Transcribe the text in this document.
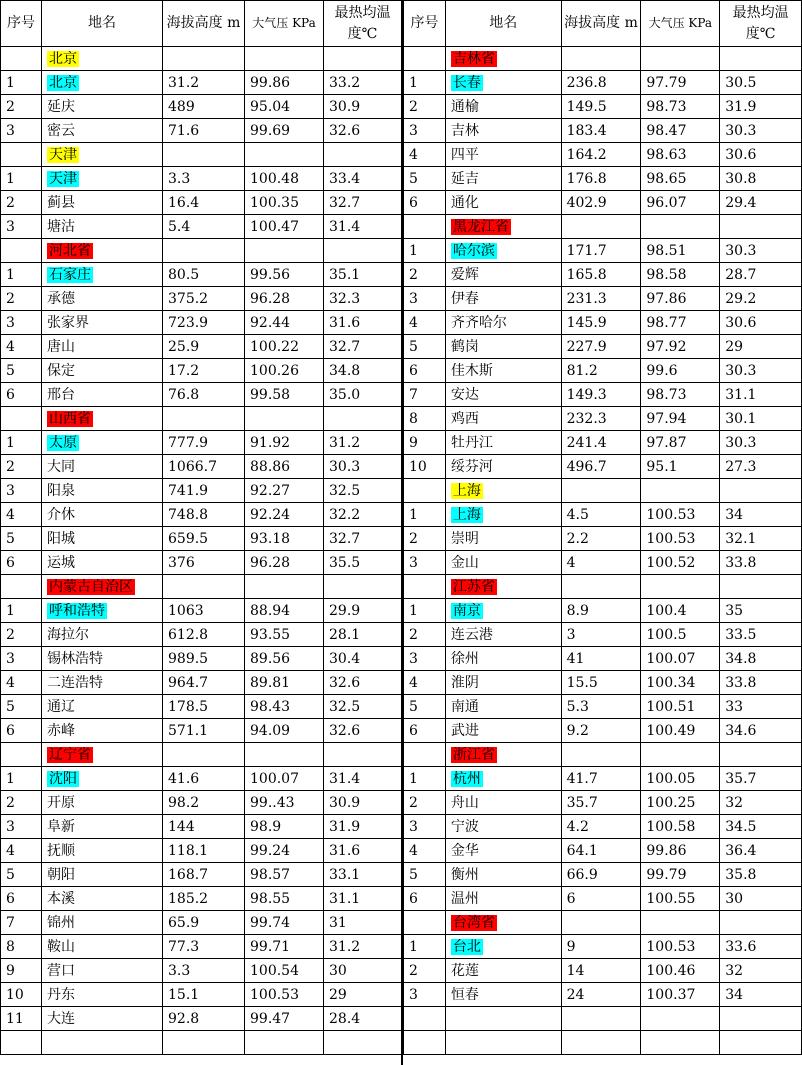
序号	地名	海拔高度 m	大气压 KPa	最热均温度℃
	北京			
1	北京	31.2	99.86	33.2
2	延庆	489	95.04	30.9
3	密云	71.6	99.69	32.6
	天津			
1	天津	3.3	100.48	33.4
2	蓟县	16.4	100.35	32.7
3	塘沽	5.4	100.47	31.4
	河北省			
1	石家庄	80.5	99.56	35.1
2	承德	375.2	96.28	32.3
3	张家界	723.9	92.44	31.6
4	唐山	25.9	100.22	32.7
5	保定	17.2	100.26	34.8
6	邢台	76.8	99.58	35.0
	山西省			
1	太原	777.9	91.92	31.2
2	大同	1066.7	88.86	30.3
3	阳泉	741.9	92.27	32.5
4	介休	748.8	92.24	32.2
5	阳城	659.5	93.18	32.7
6	运城	376	96.28	35.5
	内蒙古自治区			
1	呼和浩特	1063	88.94	29.9
2	海拉尔	612.8	93.55	28.1
3	锡林浩特	989.5	89.56	30.4
4	二连浩特	964.7	89.81	32.6
5	通辽	178.5	98.43	32.5
6	赤峰	571.1	94.09	32.6
	辽宁省			
1	沈阳	41.6	100.07	31.4
2	开原	98.2	99..43	30.9
3	阜新	144	98.9	31.9
4	抚顺	118.1	99.24	31.6
5	朝阳	168.7	98.57	33.1
6	本溪	185.2	98.55	31.1
7	锦州	65.9	99.74	31
8	鞍山	77.3	99.71	31.2
9	营口	3.3	100.54	30
10	丹东	15.1	100.53	29
11	大连	92.8	99.47	28.4

序号	地名	海拔高度 m	大气压 KPa	最热均温度℃
	吉林省			
1	长春	236.8	97.79	30.5
2	通榆	149.5	98.73	31.9
3	吉林	183.4	98.47	30.3
4	四平	164.2	98.63	30.6
5	延吉	176.8	98.65	30.8
6	通化	402.9	96.07	29.4
	黑龙江省			
1	哈尔滨	171.7	98.51	30.3
2	爱辉	165.8	98.58	28.7
3	伊春	231.3	97.86	29.2
4	齐齐哈尔	145.9	98.77	30.6
5	鹤岗	227.9	97.92	29
6	佳木斯	81.2	99.6	30.3
7	安达	149.3	98.73	31.1
8	鸡西	232.3	97.94	30.1
9	牡丹江	241.4	97.87	30.3
10	绥芬河	496.7	95.1	27.3
	上海			
1	上海	4.5	100.53	34
2	崇明	2.2	100.53	32.1
3	金山	4	100.52	33.8
	江苏省			
1	南京	8.9	100.4	35
2	连云港	3	100.5	33.5
3	徐州	41	100.07	34.8
4	淮阴	15.5	100.34	33.8
5	南通	5.3	100.51	33
6	武进	9.2	100.49	34.6
	浙江省			
1	杭州	41.7	100.05	35.7
2	舟山	35.7	100.25	32
3	宁波	4.2	100.58	34.5
4	金华	64.1	99.86	36.4
5	衡州	66.9	99.79	35.8
6	温州	6	100.55	30
	台湾省			
1	台北	9	100.53	33.6
2	花莲	14	100.46	32
3	恒春	24	100.37	34
